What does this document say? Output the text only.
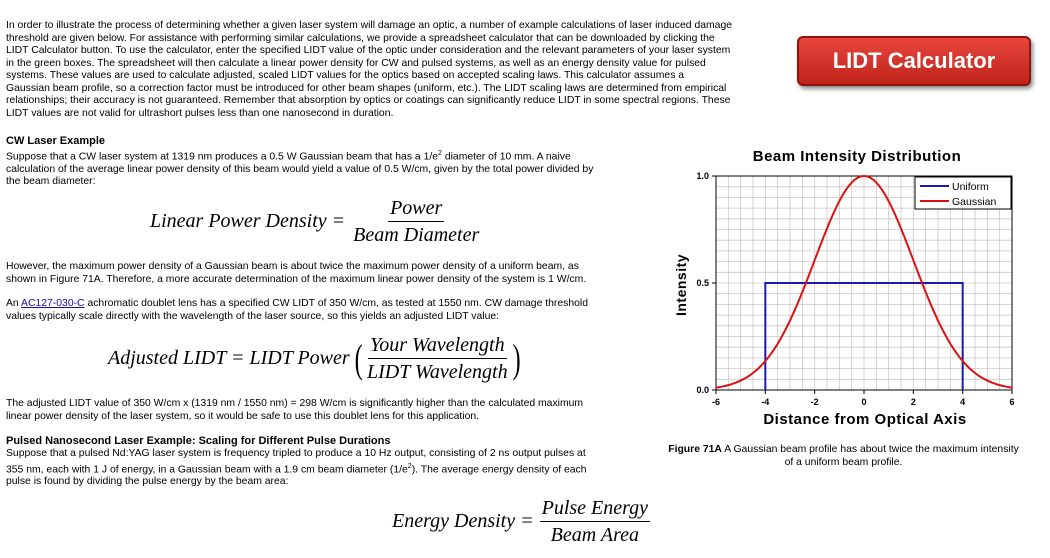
In order to illustrate the process of determining whether a given laser system will damage an optic, a number of example calculations of laser induced damage
threshold are given below. For assistance with performing similar calculations, we provide a spreadsheet calculator that can be downloaded by clicking the
LIDT Calculator button. To use the calculator, enter the specified LIDT value of the optic under consideration and the relevant parameters of your laser system
in the green boxes. The spreadsheet will then calculate a linear power density for CW and pulsed systems, as well as an energy density value for pulsed
systems. These values are used to calculate adjusted, scaled LIDT values for the optics based on accepted scaling laws. This calculator assumes a
Gaussian beam profile, so a correction factor must be introduced for other beam shapes (uniform, etc.). The LIDT scaling laws are determined from empirical
relationships; their accuracy is not guaranteed. Remember that absorption by optics or coatings can significantly reduce LIDT in some spectral regions. These
LIDT values are not valid for ultrashort pulses less than one nanosecond in duration.
LIDT Calculator
CW Laser Example
Suppose that a CW laser system at 1319 nm produces a 0.5 W Gaussian beam that has a $1/e^2$ diameter of 10 mm. A naive
calculation of the average linear power density of this beam would yield a value of 0.5 W/cm, given by the total power divided by
the beam diameter:
Linear Power Density = $\frac{\text{Power}}{\text{Beam Diameter}}$
However, the maximum power density of a Gaussian beam is about twice the maximum power density of a uniform beam, as
shown in Figure 71A. Therefore, a more accurate determination of the maximum linear power density of the system is 1 W/cm.
An AC127-030-C achromatic doublet lens has a specified CW LIDT of 350 W/cm, as tested at 1550 nm. CW damage threshold
values typically scale directly with the wavelength of the laser source, so this yields an adjusted LIDT value:
Adjusted LIDT = LIDT Power ( $\frac{\text{Your Wavelength}}{\text{LIDT Wavelength}}$ )
The adjusted LIDT value of 350 W/cm x (1319 nm / 1550 nm) = 298 W/cm is significantly higher than the calculated maximum
linear power density of the laser system, so it would be safe to use this doublet lens for this application.
Pulsed Nanosecond Laser Example: Scaling for Different Pulse Durations
Suppose that a pulsed Nd:YAG laser system is frequency tripled to produce a 10 Hz output, consisting of 2 ns output pulses at
355 nm, each with 1 J of energy, in a Gaussian beam with a 1.9 cm beam diameter $(1/e^2)$. The average energy density of each
pulse is found by dividing the pulse energy by the beam area:
Energy Density = $\frac{\text{Pulse Energy}}{\text{Beam Area}}$
Beam Intensity Distribution
-6	-4	-2	0	2	4	6
0.0
0.5
1.0
Uniform
Gaussian
Distance from Optical Axis
Intensity
Figure 71A A Gaussian beam profile has about twice the maximum intensity
of a uniform beam profile.
